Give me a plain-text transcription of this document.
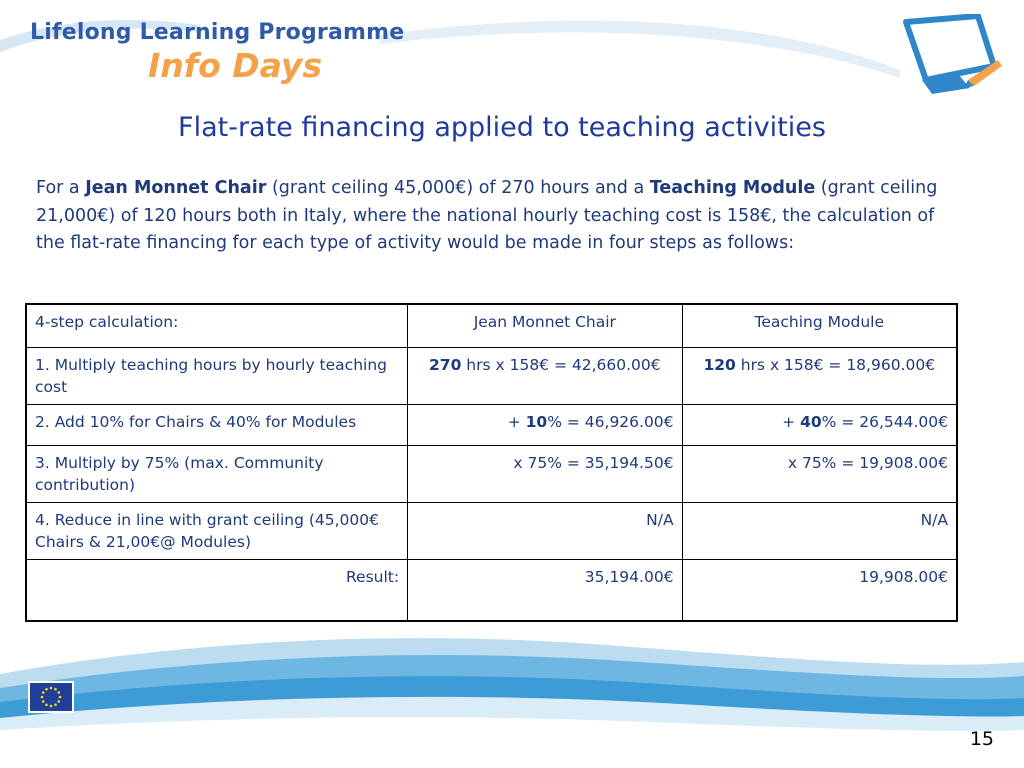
Lifelong Learning Programme
Info Days
Flat-rate financing applied to teaching activities
For a Jean Monnet Chair (grant ceiling 45,000€) of 270 hours and a Teaching Module (grant ceiling 21,000€) of 120 hours both in Italy, where the national hourly teaching cost is 158€, the calculation of the flat-rate financing for each type of activity would be made in four steps as follows:
4-step calculation:	Jean Monnet Chair	Teaching Module
1. Multiply teaching hours by hourly teaching cost	270 hrs x 158€ = 42,660.00€	120 hrs x 158€ = 18,960.00€
2. Add 10% for Chairs & 40% for Modules	+ 10% = 46,926.00€	+ 40% = 26,544.00€
3. Multiply by 75% (max. Community contribution)	x 75% = 35,194.50€	x 75% = 19,908.00€
4. Reduce in line with grant ceiling (45,000€ Chairs & 21,00€@ Modules)	N/A	N/A
Result:	35,194.00€	19,908.00€
15
